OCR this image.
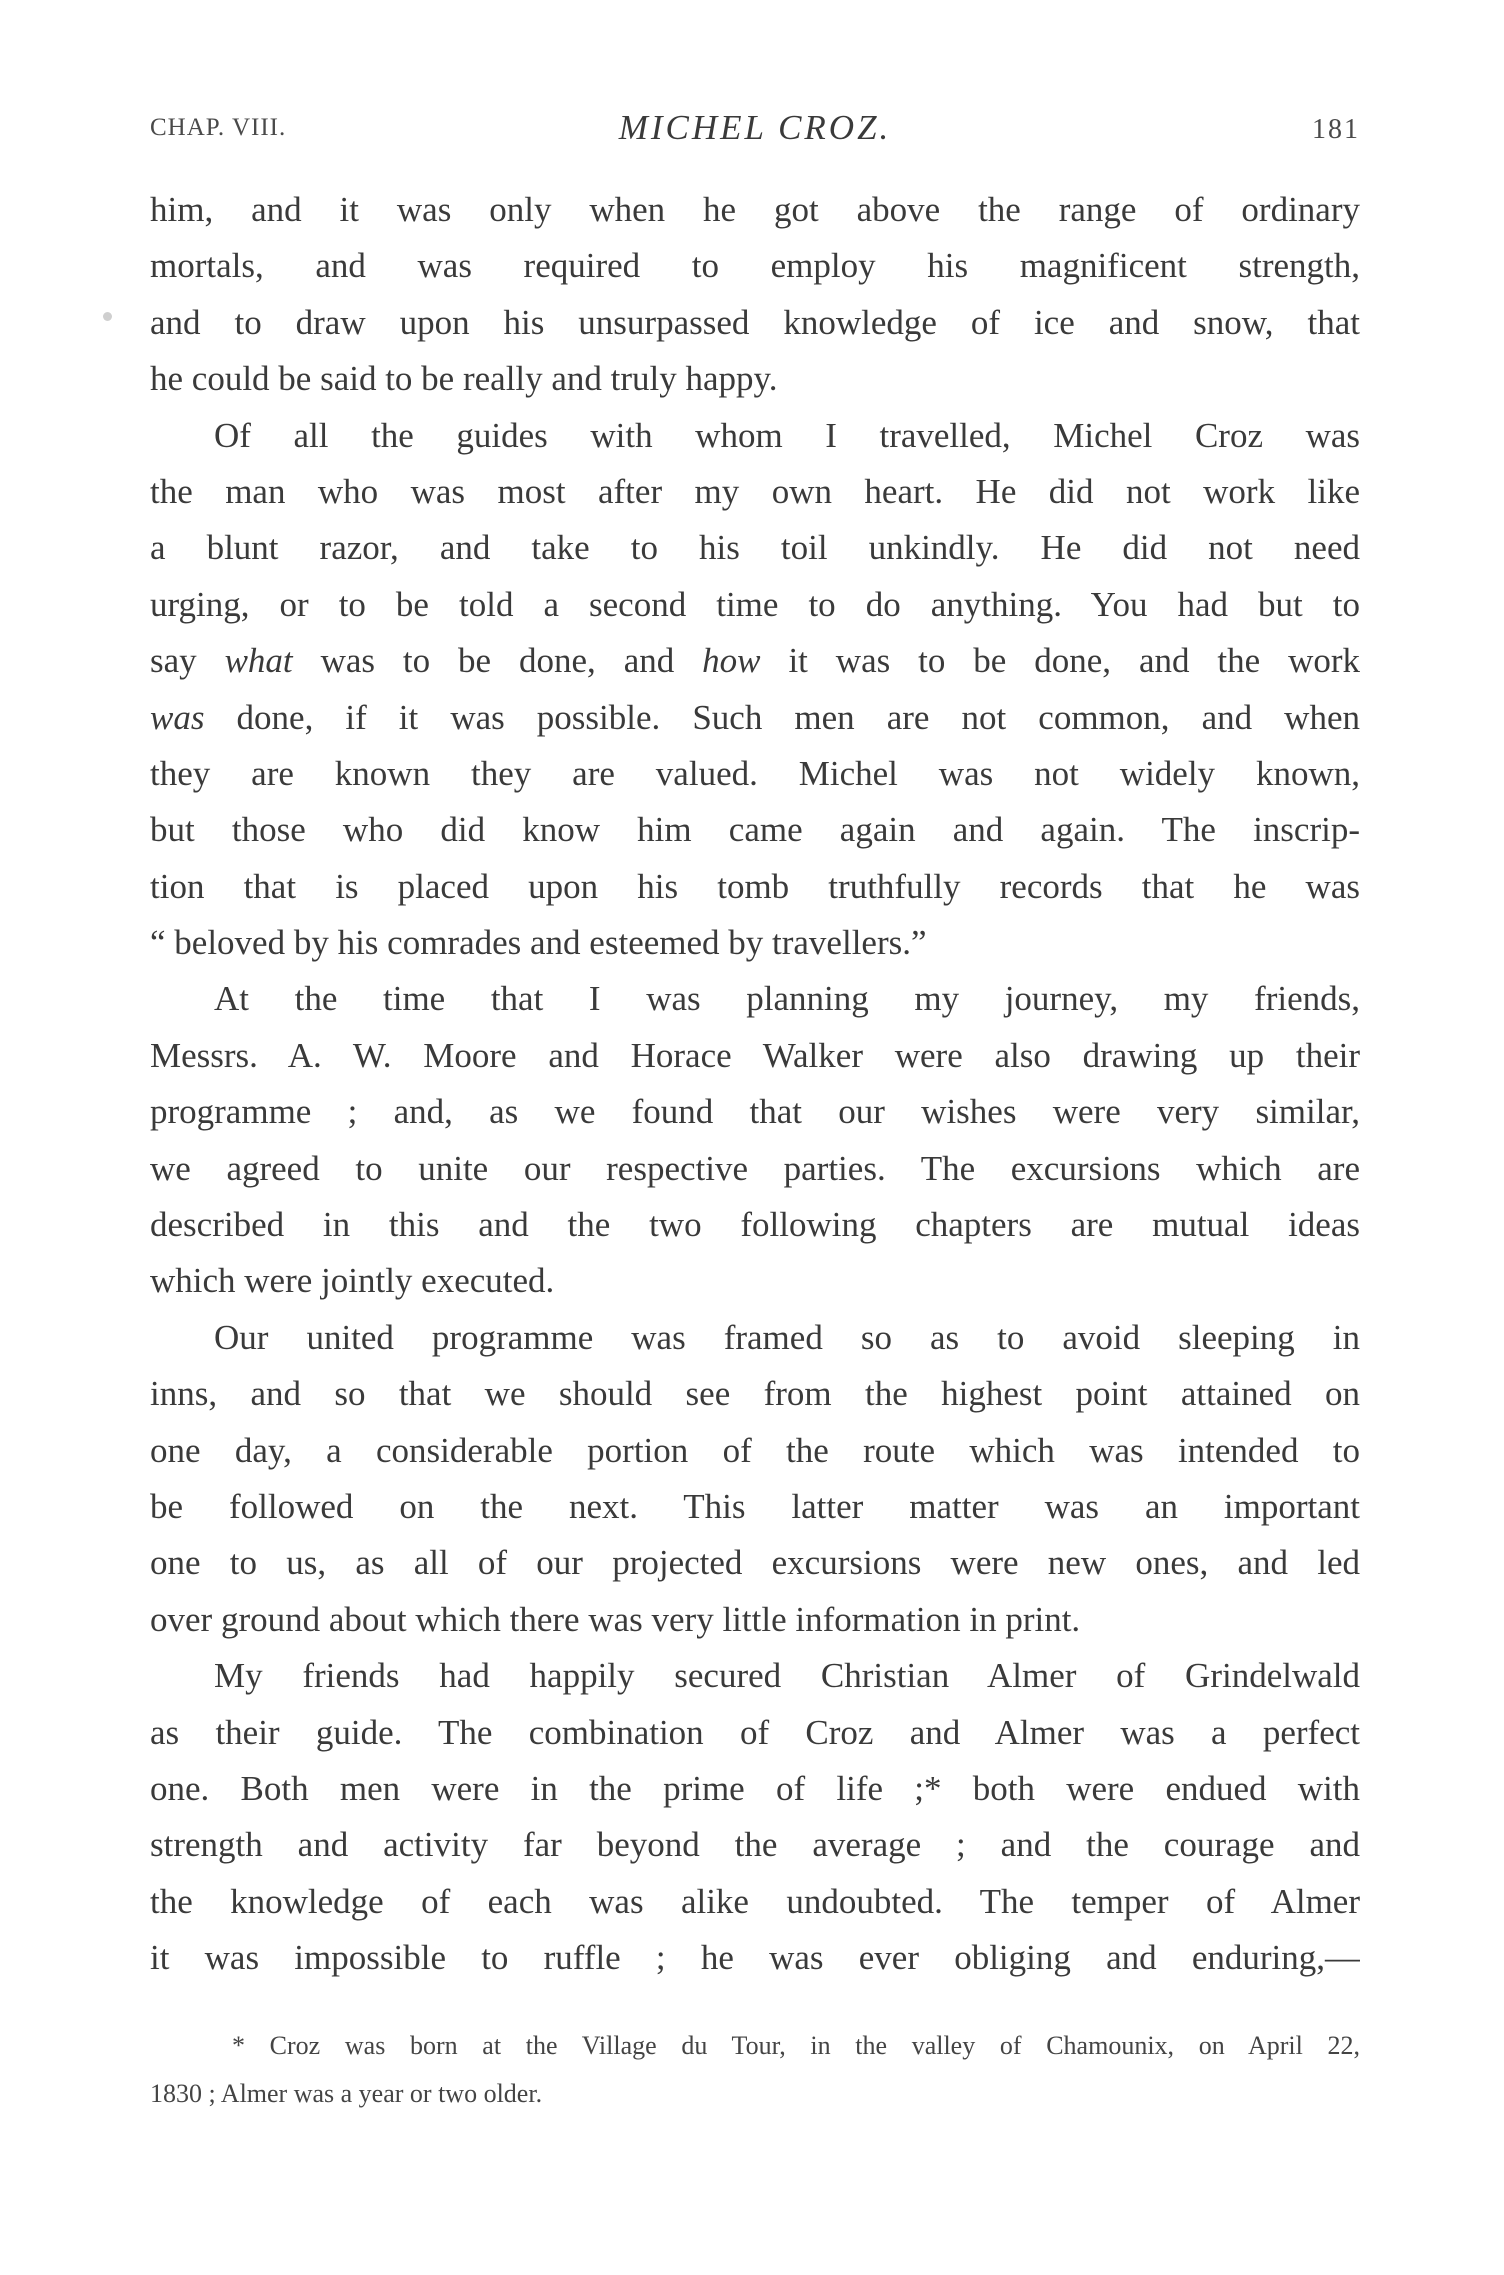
CHAP. VIII.	MICHEL CROZ.	181
him, and it was only when he got above the range of ordinary
mortals, and was required to employ his magnificent strength,
and to draw upon his unsurpassed knowledge of ice and snow, that
he could be said to be really and truly happy.
Of all the guides with whom I travelled, Michel Croz was
the man who was most after my own heart. He did not work like
a blunt razor, and take to his toil unkindly. He did not need
urging, or to be told a second time to do anything. You had but to
say what was to be done, and how it was to be done, and the work
was done, if it was possible. Such men are not common, and when
they are known they are valued. Michel was not widely known,
but those who did know him came again and again. The inscrip-
tion that is placed upon his tomb truthfully records that he was
“ beloved by his comrades and esteemed by travellers.”
At the time that I was planning my journey, my friends,
Messrs. A. W. Moore and Horace Walker were also drawing up their
programme ; and, as we found that our wishes were very similar,
we agreed to unite our respective parties. The excursions which are
described in this and the two following chapters are mutual ideas
which were jointly executed.
Our united programme was framed so as to avoid sleeping in
inns, and so that we should see from the highest point attained on
one day, a considerable portion of the route which was intended to
be followed on the next. This latter matter was an important
one to us, as all of our projected excursions were new ones, and led
over ground about which there was very little information in print.
My friends had happily secured Christian Almer of Grindelwald
as their guide. The combination of Croz and Almer was a perfect
one. Both men were in the prime of life ;* both were endued with
strength and activity far beyond the average ; and the courage and
the knowledge of each was alike undoubted. The temper of Almer
it was impossible to ruffle ; he was ever obliging and enduring,—
* Croz was born at the Village du Tour, in the valley of Chamounix, on April 22,
1830 ; Almer was a year or two older.
